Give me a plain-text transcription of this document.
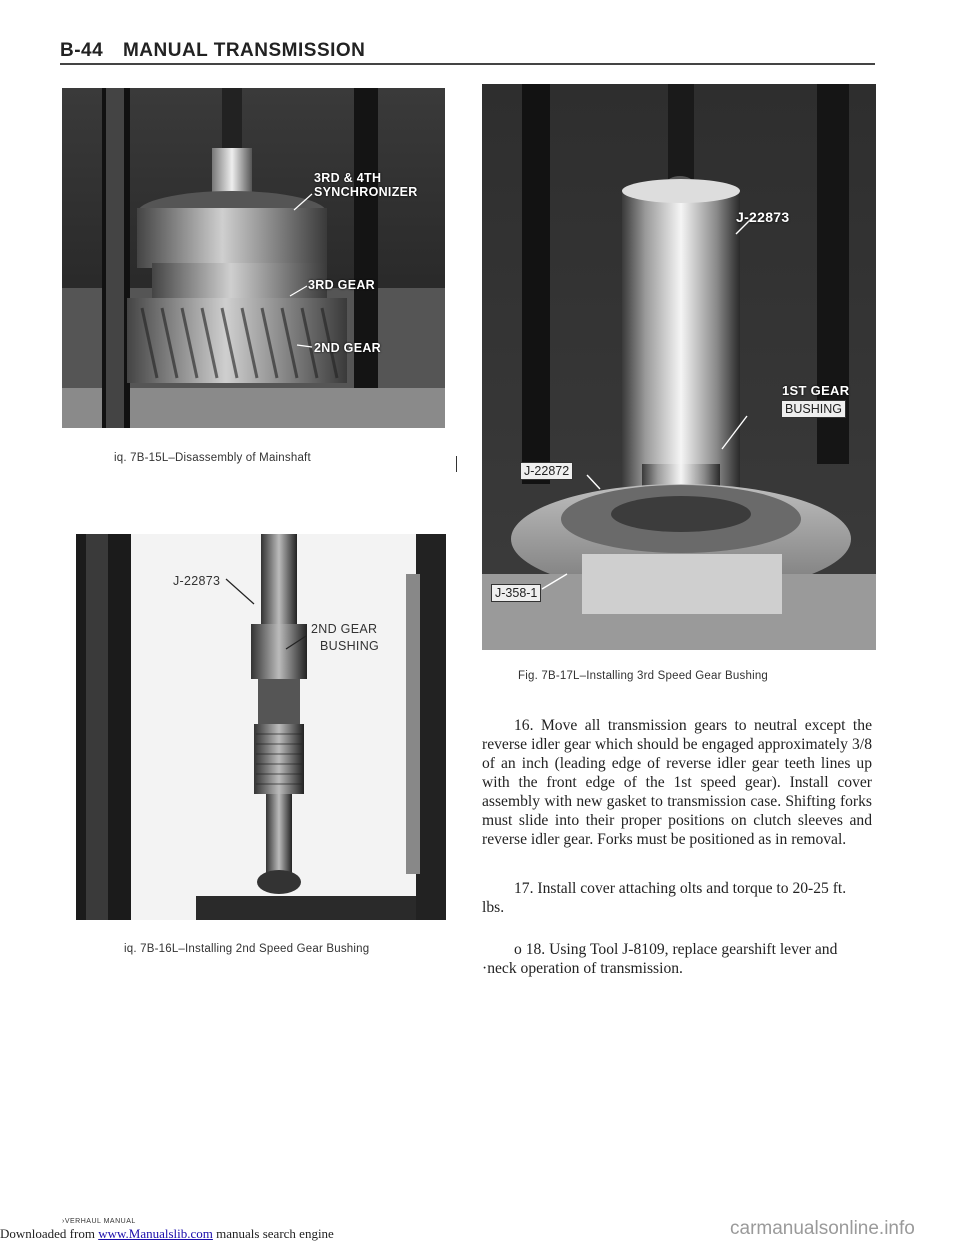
B-44 MANUAL TRANSMISSION
3RD & 4TH
SYNCHRONIZER
3RD GEAR
2ND GEAR
iq. 7B-15L–Disassembly of Mainshaft
J-22873
2ND GEAR
BUSHING
iq. 7B-16L–Installing 2nd Speed Gear Bushing
J-22873
1ST GEAR
BUSHING
J-22872
J-358-1
Fig. 7B-17L–Installing 3rd Speed Gear Bushing

16. Move all transmission gears to neutral except the reverse idler gear which should be engaged approximately 3/8 of an inch (leading edge of reverse idler gear teeth lines up with the front edge of the 1st speed gear). Install cover assembly with new gasket to transmission case. Shifting forks must slide into their proper positions on clutch sleeves and reverse idler gear. Forks must be positioned as in removal.

17. Install cover attaching olts and torque to 20-25 ft.
lbs.
o 18. Using Tool J-8109, replace gearshift lever and
·neck operation of transmission.
›VERHAUL MANUAL
Downloaded from www.Manualslib.com manuals search engine	carmanualsonline.info
